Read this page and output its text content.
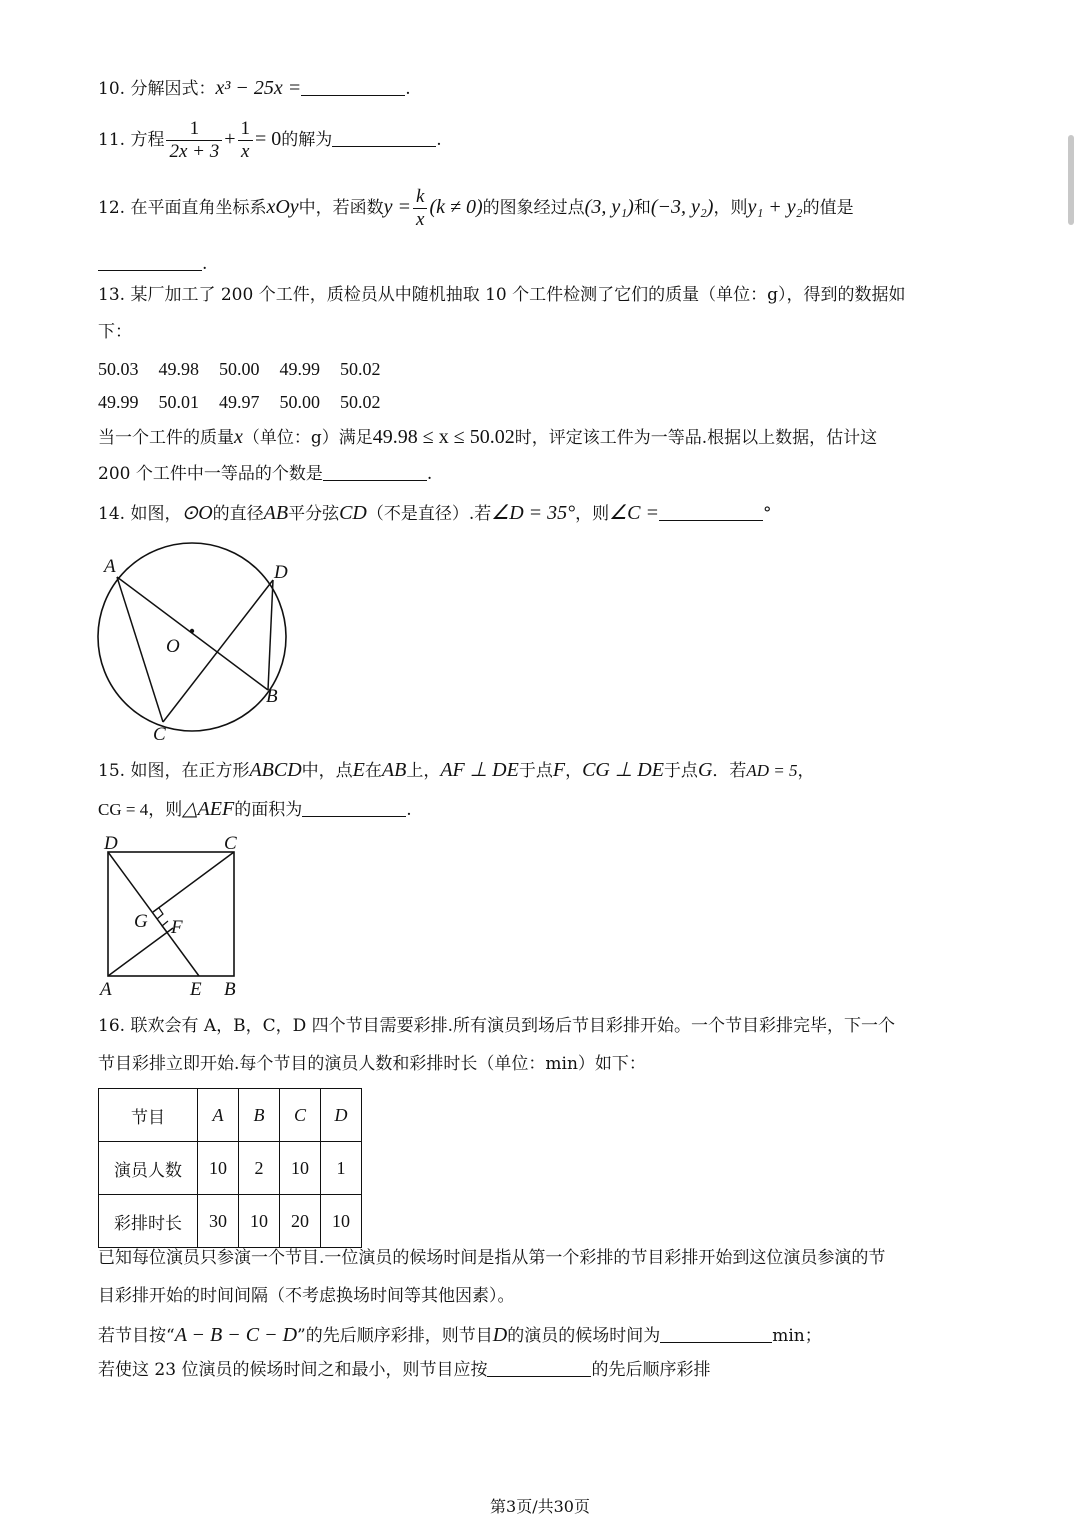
10. 分解因式：x³ − 25x =	.
11. 方程 $\frac{1}{2x + 3} + \frac{1}{x} = 0$的解为	.
12. 在平面直角坐标系xOy中，若函数$y = \frac{k}{x} (k \ne 0)$的图象经过点(3, y₁)和(−3, y₂)，则y₁ + y₂的值是
.
13. 某厂加工了 200 个工件，质检员从中随机抽取 10 个工件检测了它们的质量（单位：g），得到的数据如
下：
50.03 49.98 50.00 49.99 50.02
49.99 50.01 49.97 50.00 50.02
当一个工件的质量x（单位：g）满足49.98 ≤ x ≤ 50.02时，评定该工件为一等品.根据以上数据，估计这
200 个工件中一等品的个数是	.
14. 如图，⊙O的直径AB平分弦CD（不是直径）.若∠D = 35°，则∠C =	°
A	D
O
B
C
15. 如图，在正方形ABCD中，点E在AB上，AF ⊥ DE于点F，CG ⊥ DE于点G．若AD = 5，
CG = 4，则△AEF的面积为	.
D	C
G F
A	E B
16. 联欢会有 A，B，C，D 四个节目需要彩排.所有演员到场后节目彩排开始。一个节目彩排完毕，下一个
节目彩排立即开始.每个节目的演员人数和彩排时长（单位：min）如下：
节目	A	B	C	D
演员人数	10	2	10	1
彩排时长	30	10	20	10
已知每位演员只参演一个节目.一位演员的候场时间是指从第一个彩排的节目彩排开始到这位演员参演的节
目彩排开始的时间间隔（不考虑换场时间等其他因素）。
若节目按“A − B − C − D”的先后顺序彩排，则节目D的演员的候场时间为	min；
若使这 23 位演员的候场时间之和最小，则节目应按	的先后顺序彩排
第3页/共30页
